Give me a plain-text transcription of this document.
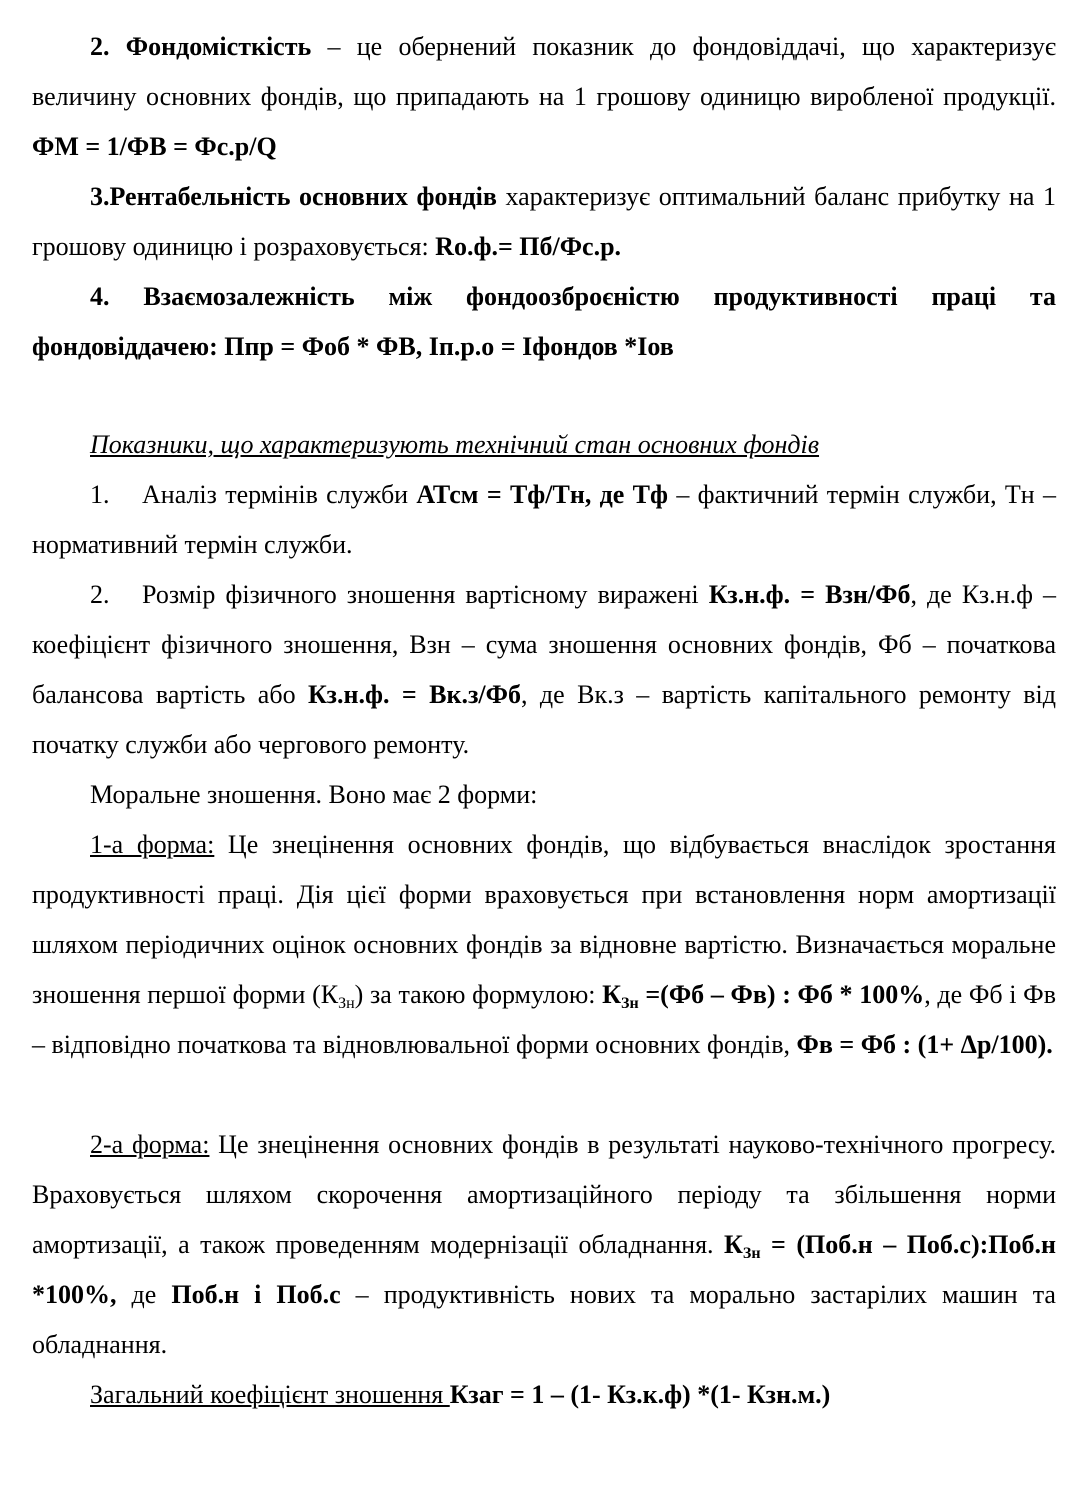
2. Фондомісткість – це обернений показник до фондовіддачі, що характеризує величину основних фондів, що припадають на 1 грошову одиницю виробленої продукції. ФМ = 1/ФВ = Фс.р/Q

3.Рентабельність основних фондів характеризує оптимальний баланс прибутку на 1 грошову одиницю і розраховується: Ro.ф.= Пб/Фс.р.

4. Взаємозалежність між фондоозброєністю продуктивності праці та фондовіддачею: Ппр = Фоб * ФВ, Іп.р.о = Іфондов *Іов

Показники, що характеризують технічний стан основних фондів

1. Аналіз термінів служби АТсм = Тф/Тн, де Тф – фактичний термін служби, Тн – нормативний термін служби.

2. Розмір фізичного зношення вартісному виражені Кз.н.ф. = Взн/Фб, де Кз.н.ф – коефіцієнт фізичного зношення, Взн – сума зношення основних фондів, Фб – початкова балансова вартість або Кз.н.ф. = Вк.з/Фб, де Вк.з – вартість капітального ремонту від початку служби або чергового ремонту.

Моральне зношення. Воно має 2 форми:

1-а форма: Це знецінення основних фондів, що відбувається внаслідок зростання продуктивності праці. Дія цієї форми враховується при встановлення норм амортизації шляхом періодичних оцінок основних фондів за відновне вартістю. Визначається моральне зношення першої форми $(К_{Зн})$ за такою формулою: $К_{Зн} =(Фб - Фв)$ : Фб * 100%, де Фб і Фв – відповідно початкова та відновлювальної форми основних фондів, Фв = Фб : (1+ Δр/100).

2-а форма: Це знецінення основних фондів в результаті науково-технічного прогресу. Враховується шляхом скорочення амортизаційного періоду та збільшення норми амортизації, а також проведенням модернізації обладнання. $К_{Зн} = (Поб.н$ – Поб.с):Поб.н *100%, де Поб.н і Поб.с – продуктивність нових та морально застарілих машин та обладнання.

Загальний коефіцієнт зношення Кзаг = 1 – (1- Кз.к.ф) *(1- Кзн.м.)
